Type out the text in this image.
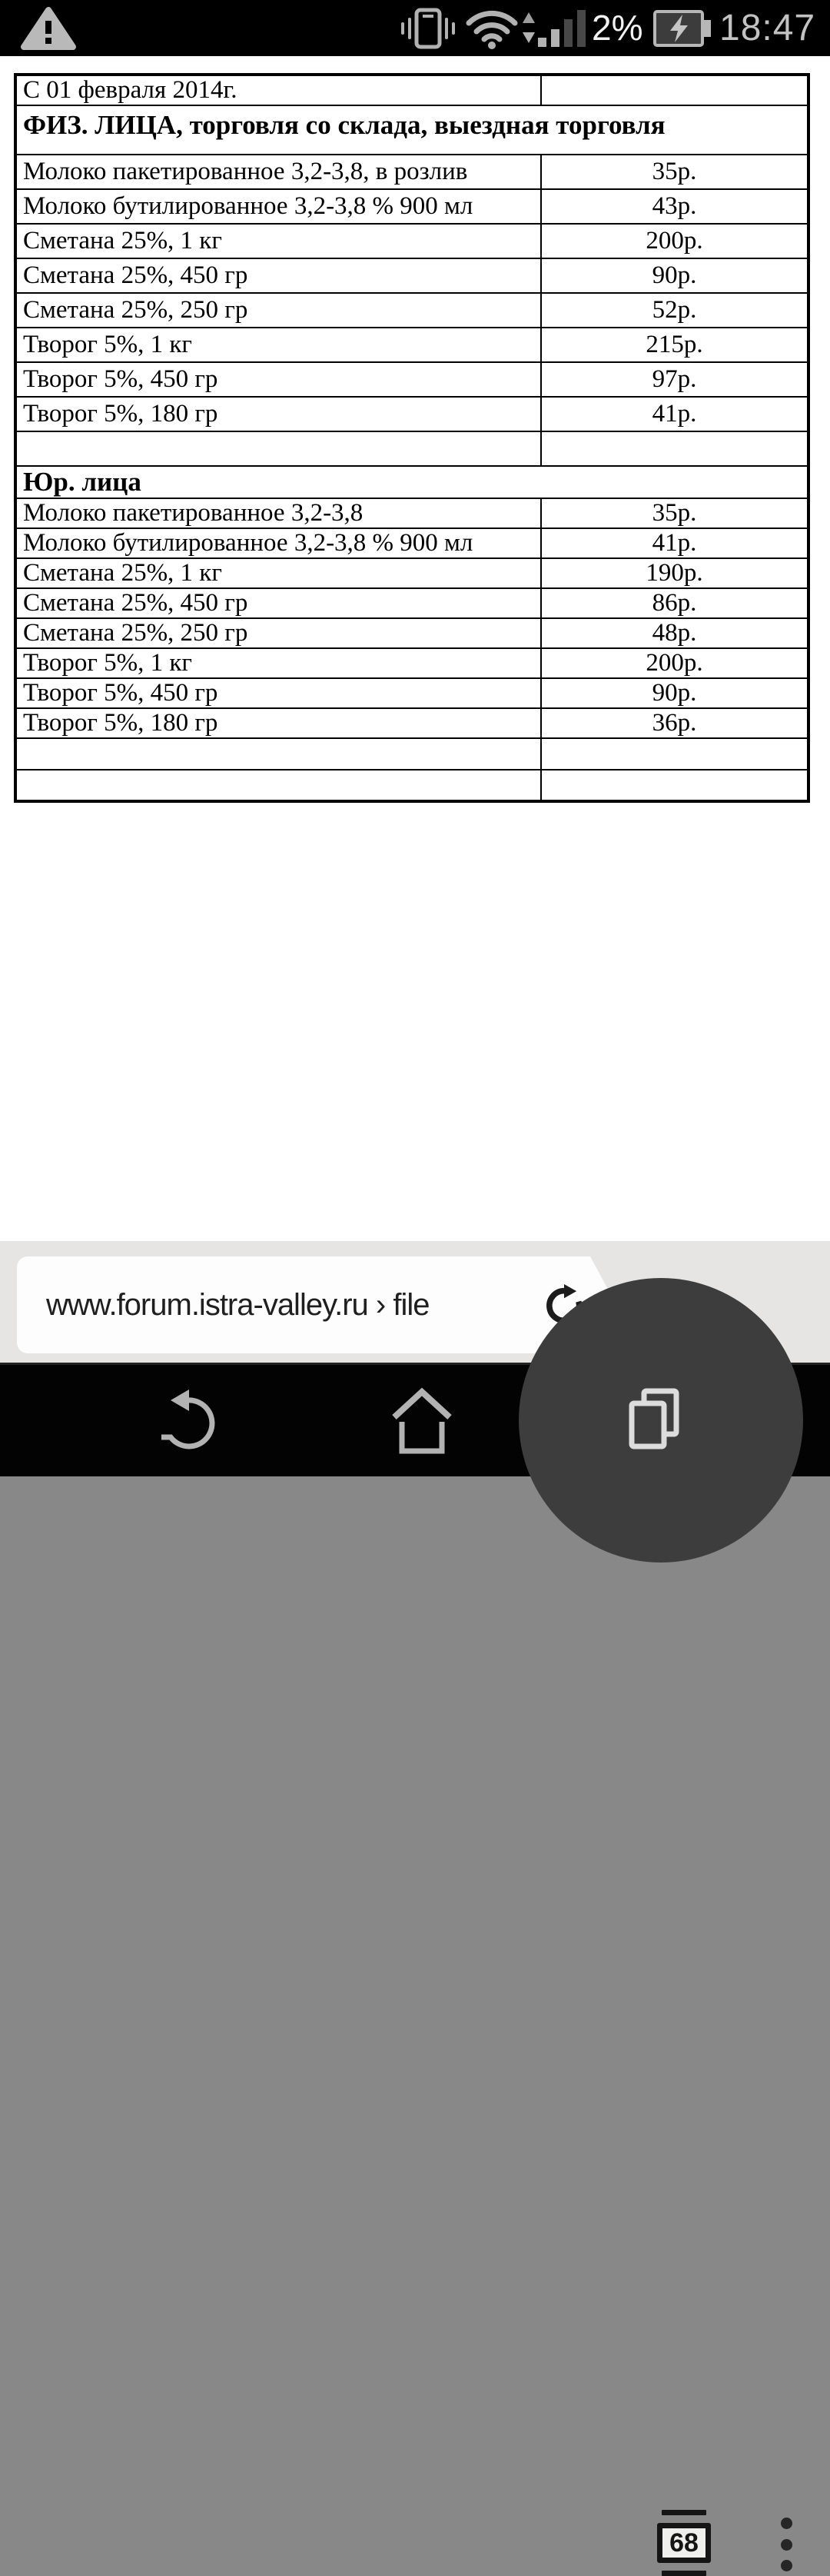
2% 18:47
С 01 февраля 2014г.	
ФИЗ. ЛИЦА, торговля со склада, выездная торговля	
Молоко пакетированное 3,2-3,8, в розлив	35р.
Молоко бутилированное 3,2-3,8 % 900 мл	43р.
Сметана 25%, 1 кг	200р.
Сметана 25%, 450 гр	90р.
Сметана 25%, 250 гр	52р.
Творог 5%, 1 кг	215р.
Творог 5%, 450 гр	97р.
Творог 5%, 180 гр	41р.

Юр. лица	
Молоко пакетированное 3,2-3,8	35р.
Молоко бутилированное 3,2-3,8 % 900 мл	41р.
Сметана 25%, 1 кг	190р.
Сметана 25%, 450 гр	86р.
Сметана 25%, 250 гр	48р.
Творог 5%, 1 кг	200р.
Творог 5%, 450 гр	90р.
Творог 5%, 180 гр	36р.

www.forum.istra-valley.ru › file
68
